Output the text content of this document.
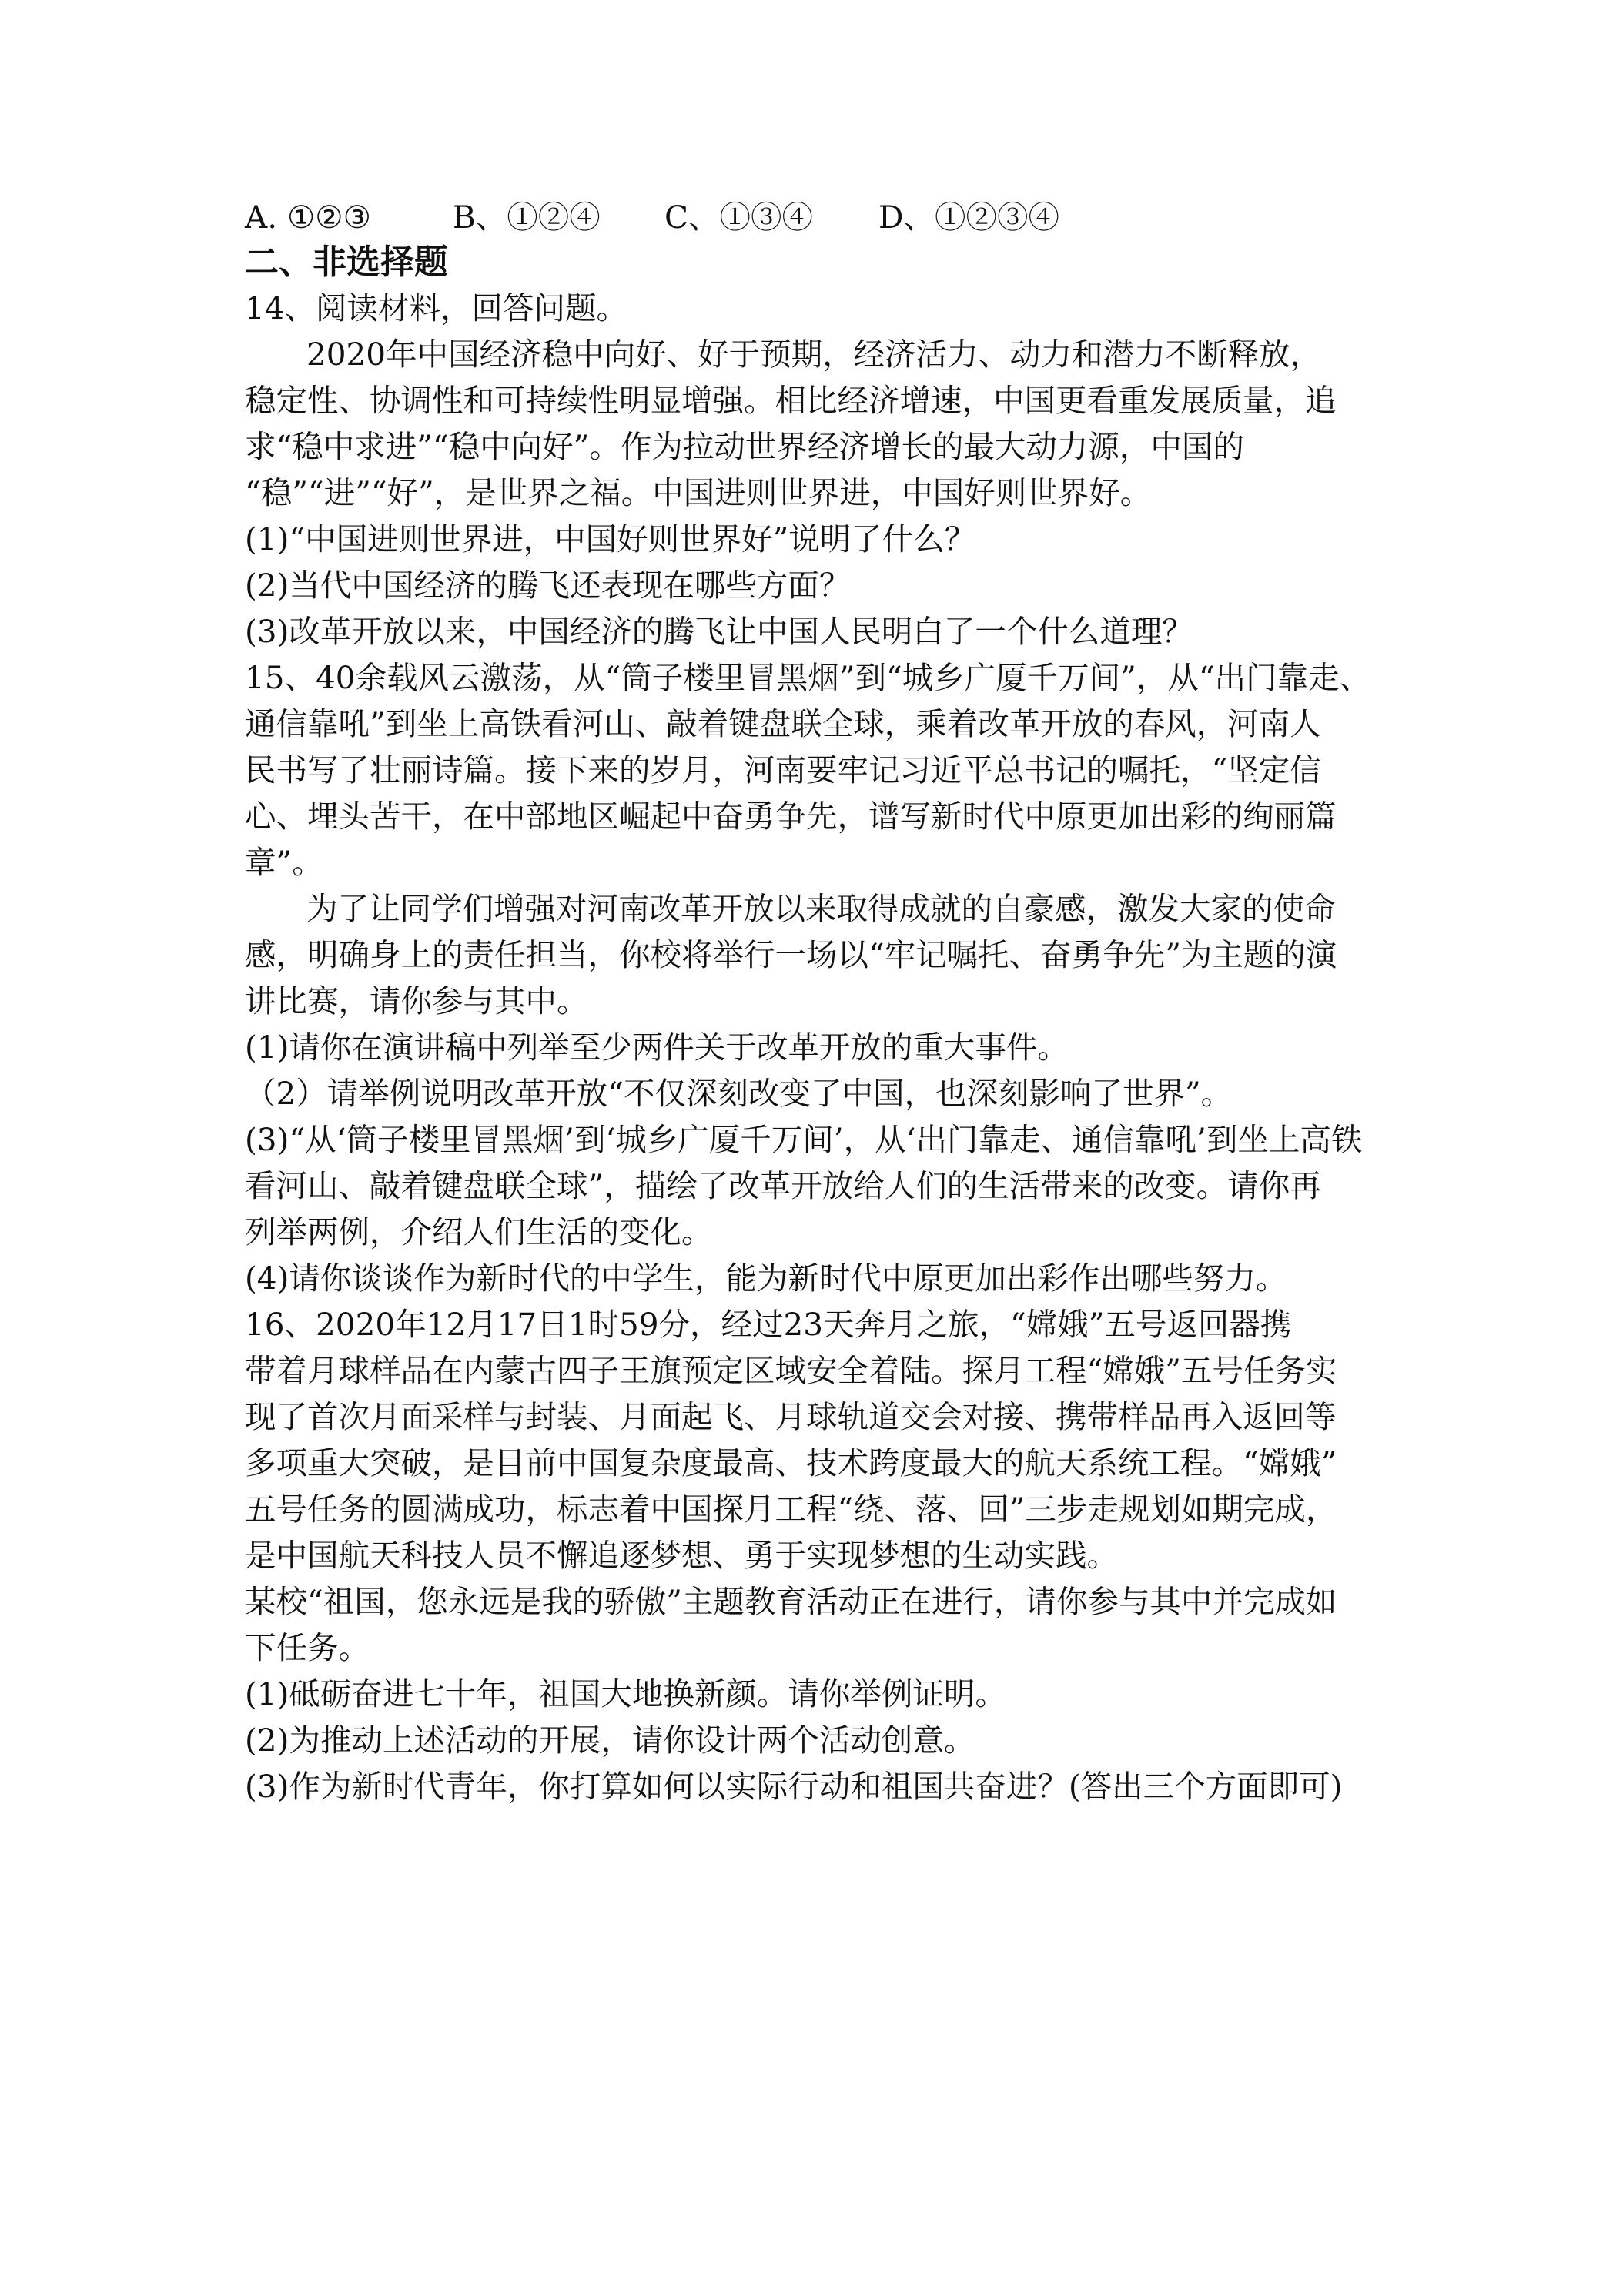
A. ①②③	B、①②④	C、①③④	D、①②③④

二、非选择题

14、阅读材料，回答问题。

2020年中国经济稳中向好、好于预期，经济活力、动力和潜力不断释放，

稳定性、协调性和可持续性明显增强。相比经济增速，中国更看重发展质量，追

求“稳中求进”“稳中向好”。作为拉动世界经济增长的最大动力源，中国的

“稳”“进”“好”，是世界之福。中国进则世界进，中国好则世界好。

(1)“中国进则世界进，中国好则世界好”说明了什么？

(2)当代中国经济的腾飞还表现在哪些方面？

(3)改革开放以来，中国经济的腾飞让中国人民明白了一个什么道理？

15、40余载风云激荡，从“筒子楼里冒黑烟”到“城乡广厦千万间”，从“出门靠走、

通信靠吼”到坐上高铁看河山、敲着键盘联全球，乘着改革开放的春风，河南人

民书写了壮丽诗篇。接下来的岁月，河南要牢记习近平总书记的嘱托，“坚定信

心、埋头苦干，在中部地区崛起中奋勇争先，谱写新时代中原更加出彩的绚丽篇

章”。

为了让同学们增强对河南改革开放以来取得成就的自豪感，激发大家的使命

感，明确身上的责任担当，你校将举行一场以“牢记嘱托、奋勇争先”为主题的演

讲比赛，请你参与其中。

(1)请你在演讲稿中列举至少两件关于改革开放的重大事件。

（2）请举例说明改革开放“不仅深刻改变了中国，也深刻影响了世界”。

(3)“从‘筒子楼里冒黑烟’到‘城乡广厦千万间’，从‘出门靠走、通信靠吼’到坐上高铁

看河山、敲着键盘联全球”，描绘了改革开放给人们的生活带来的改变。请你再

列举两例，介绍人们生活的变化。

(4)请你谈谈作为新时代的中学生，能为新时代中原更加出彩作出哪些努力。

16、2020年12月17日1时59分，经过23天奔月之旅，“嫦娥”五号返回器携

带着月球样品在内蒙古四子王旗预定区域安全着陆。探月工程“嫦娥”五号任务实

现了首次月面采样与封装、月面起飞、月球轨道交会对接、携带样品再入返回等

多项重大突破，是目前中国复杂度最高、技术跨度最大的航天系统工程。“嫦娥”

五号任务的圆满成功，标志着中国探月工程“绕、落、回”三步走规划如期完成，

是中国航天科技人员不懈追逐梦想、勇于实现梦想的生动实践。

某校“祖国，您永远是我的骄傲”主题教育活动正在进行，请你参与其中并完成如

下任务。

(1)砥砺奋进七十年，祖国大地换新颜。请你举例证明。

(2)为推动上述活动的开展，请你设计两个活动创意。

(3)作为新时代青年，你打算如何以实际行动和祖国共奋进？(答出三个方面即可)
